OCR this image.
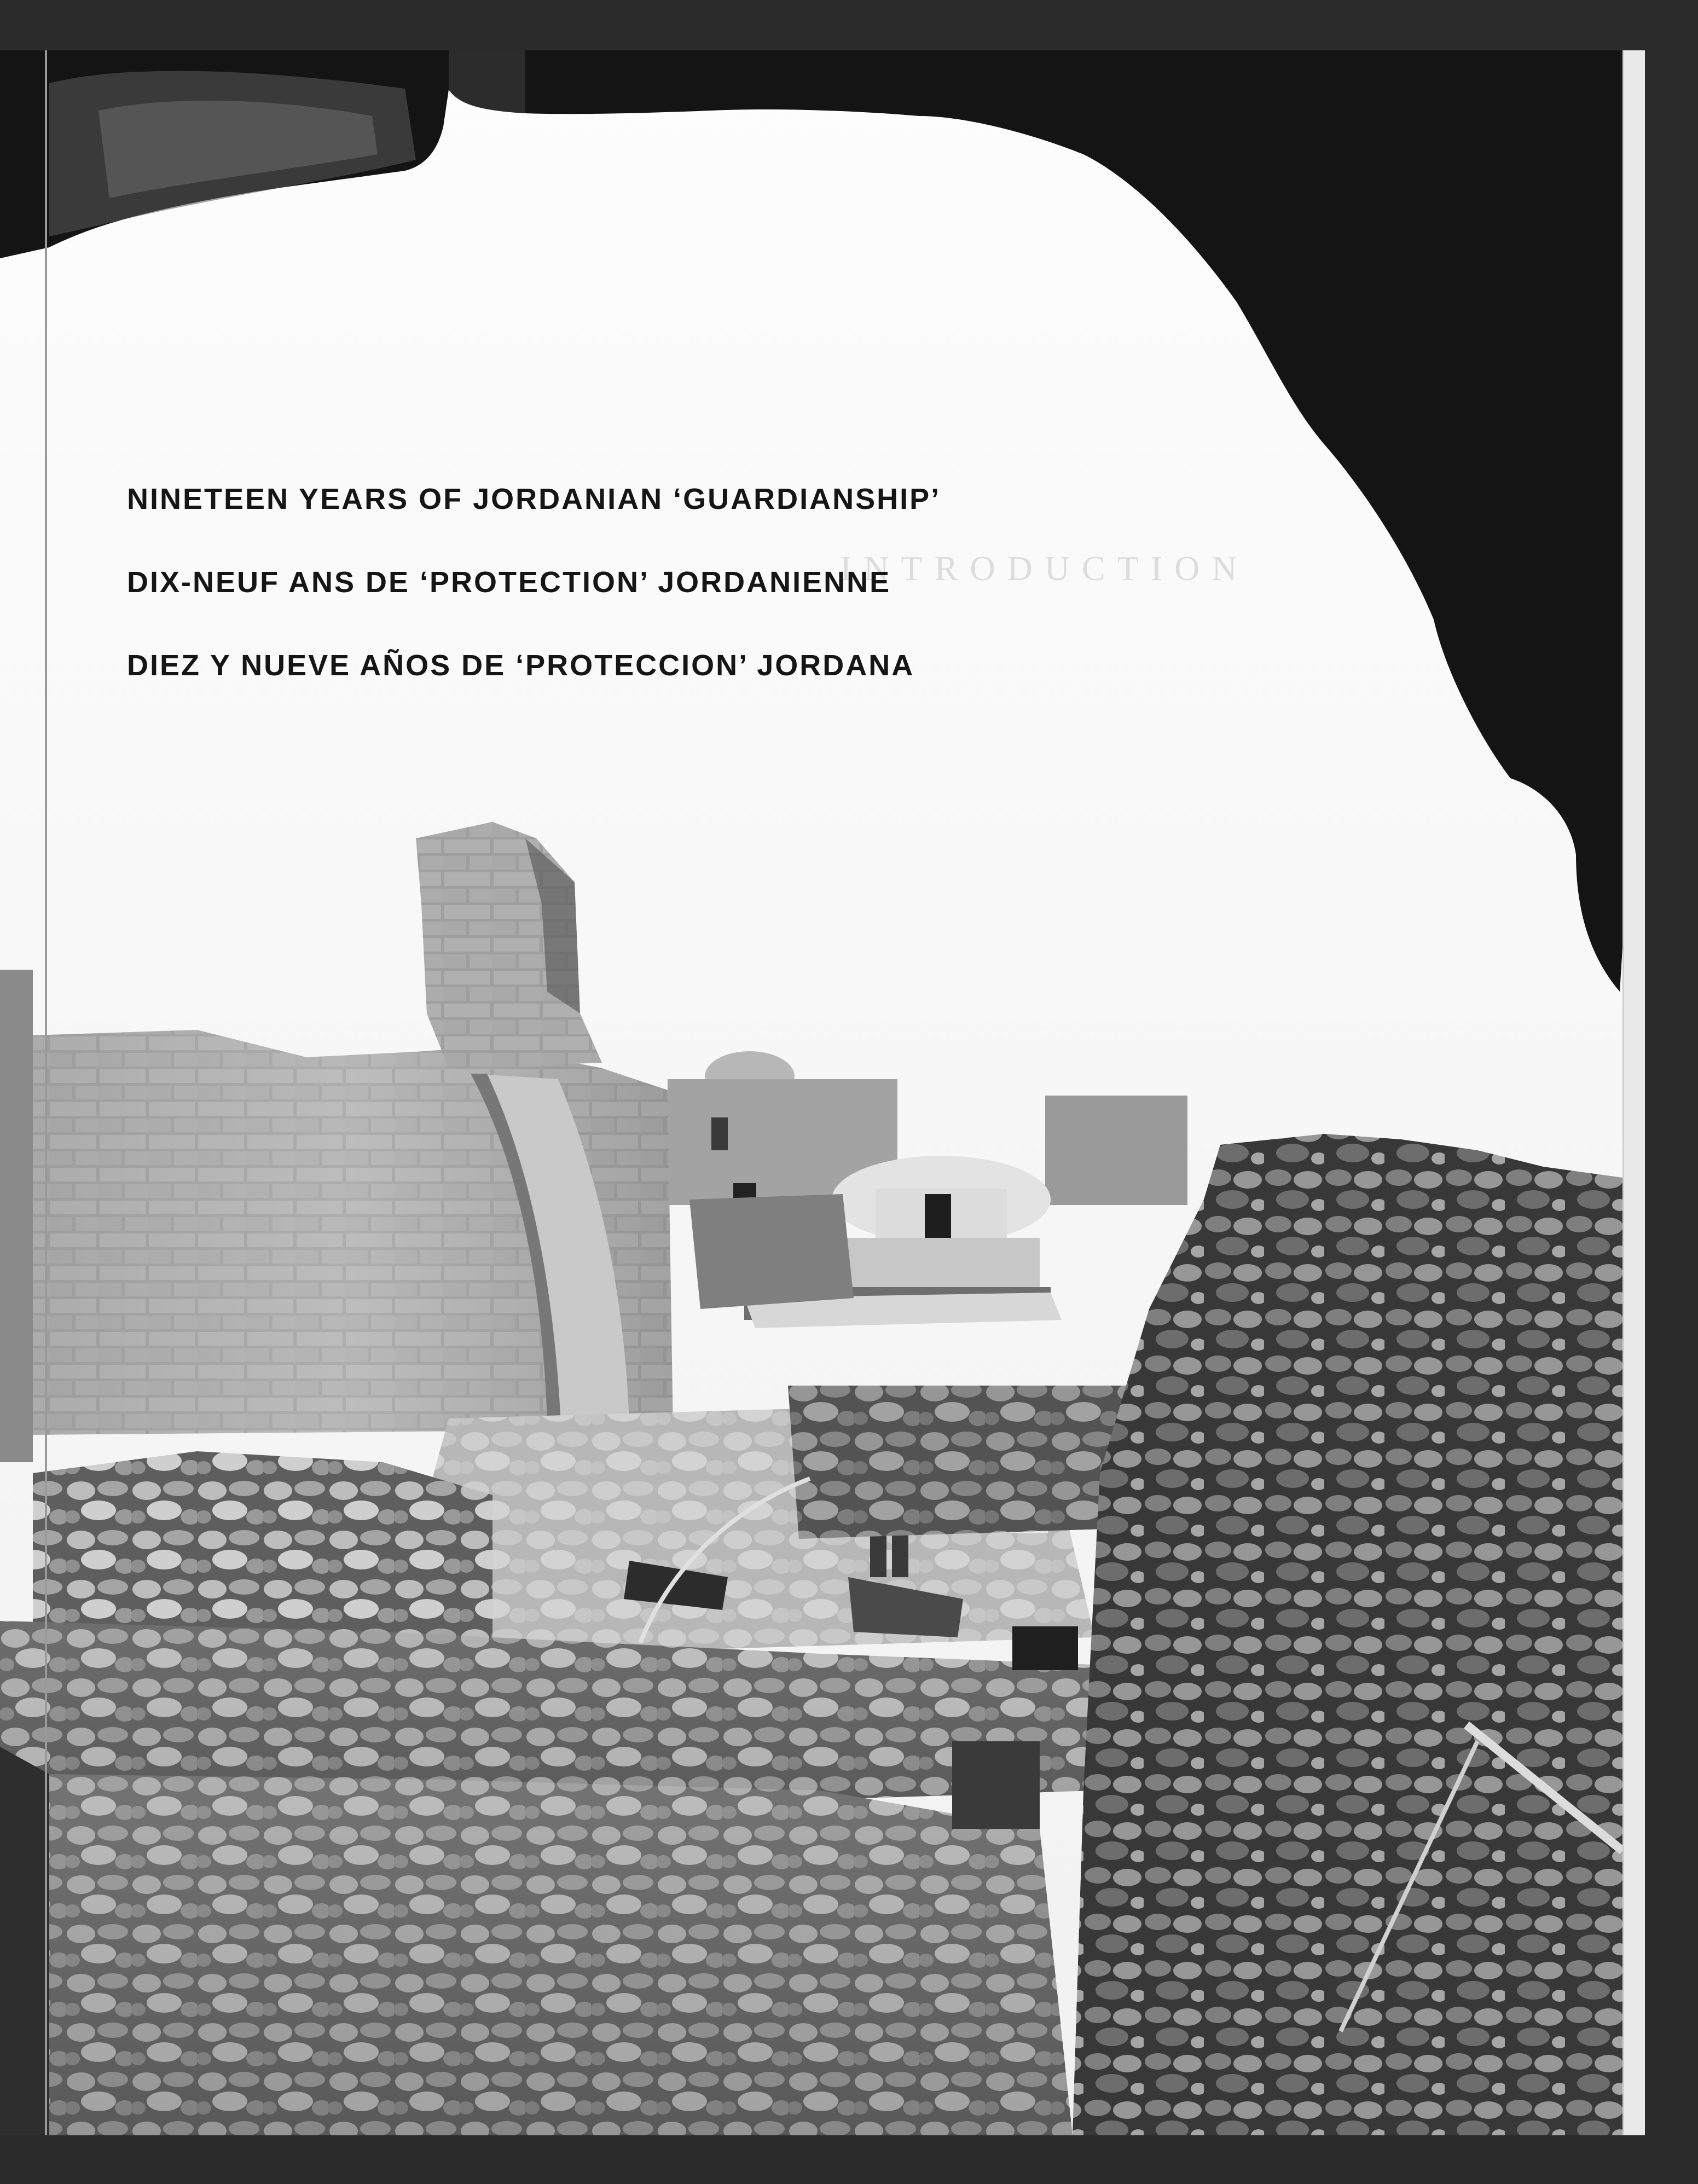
INTRODUCTION

NINETEEN YEARS OF JORDANIAN ‘GUARDIANSHIP’

DIX-NEUF ANS DE ‘PROTECTION’ JORDANIENNE

DIEZ Y NUEVE AÑOS DE ‘PROTECCION’ JORDANA
